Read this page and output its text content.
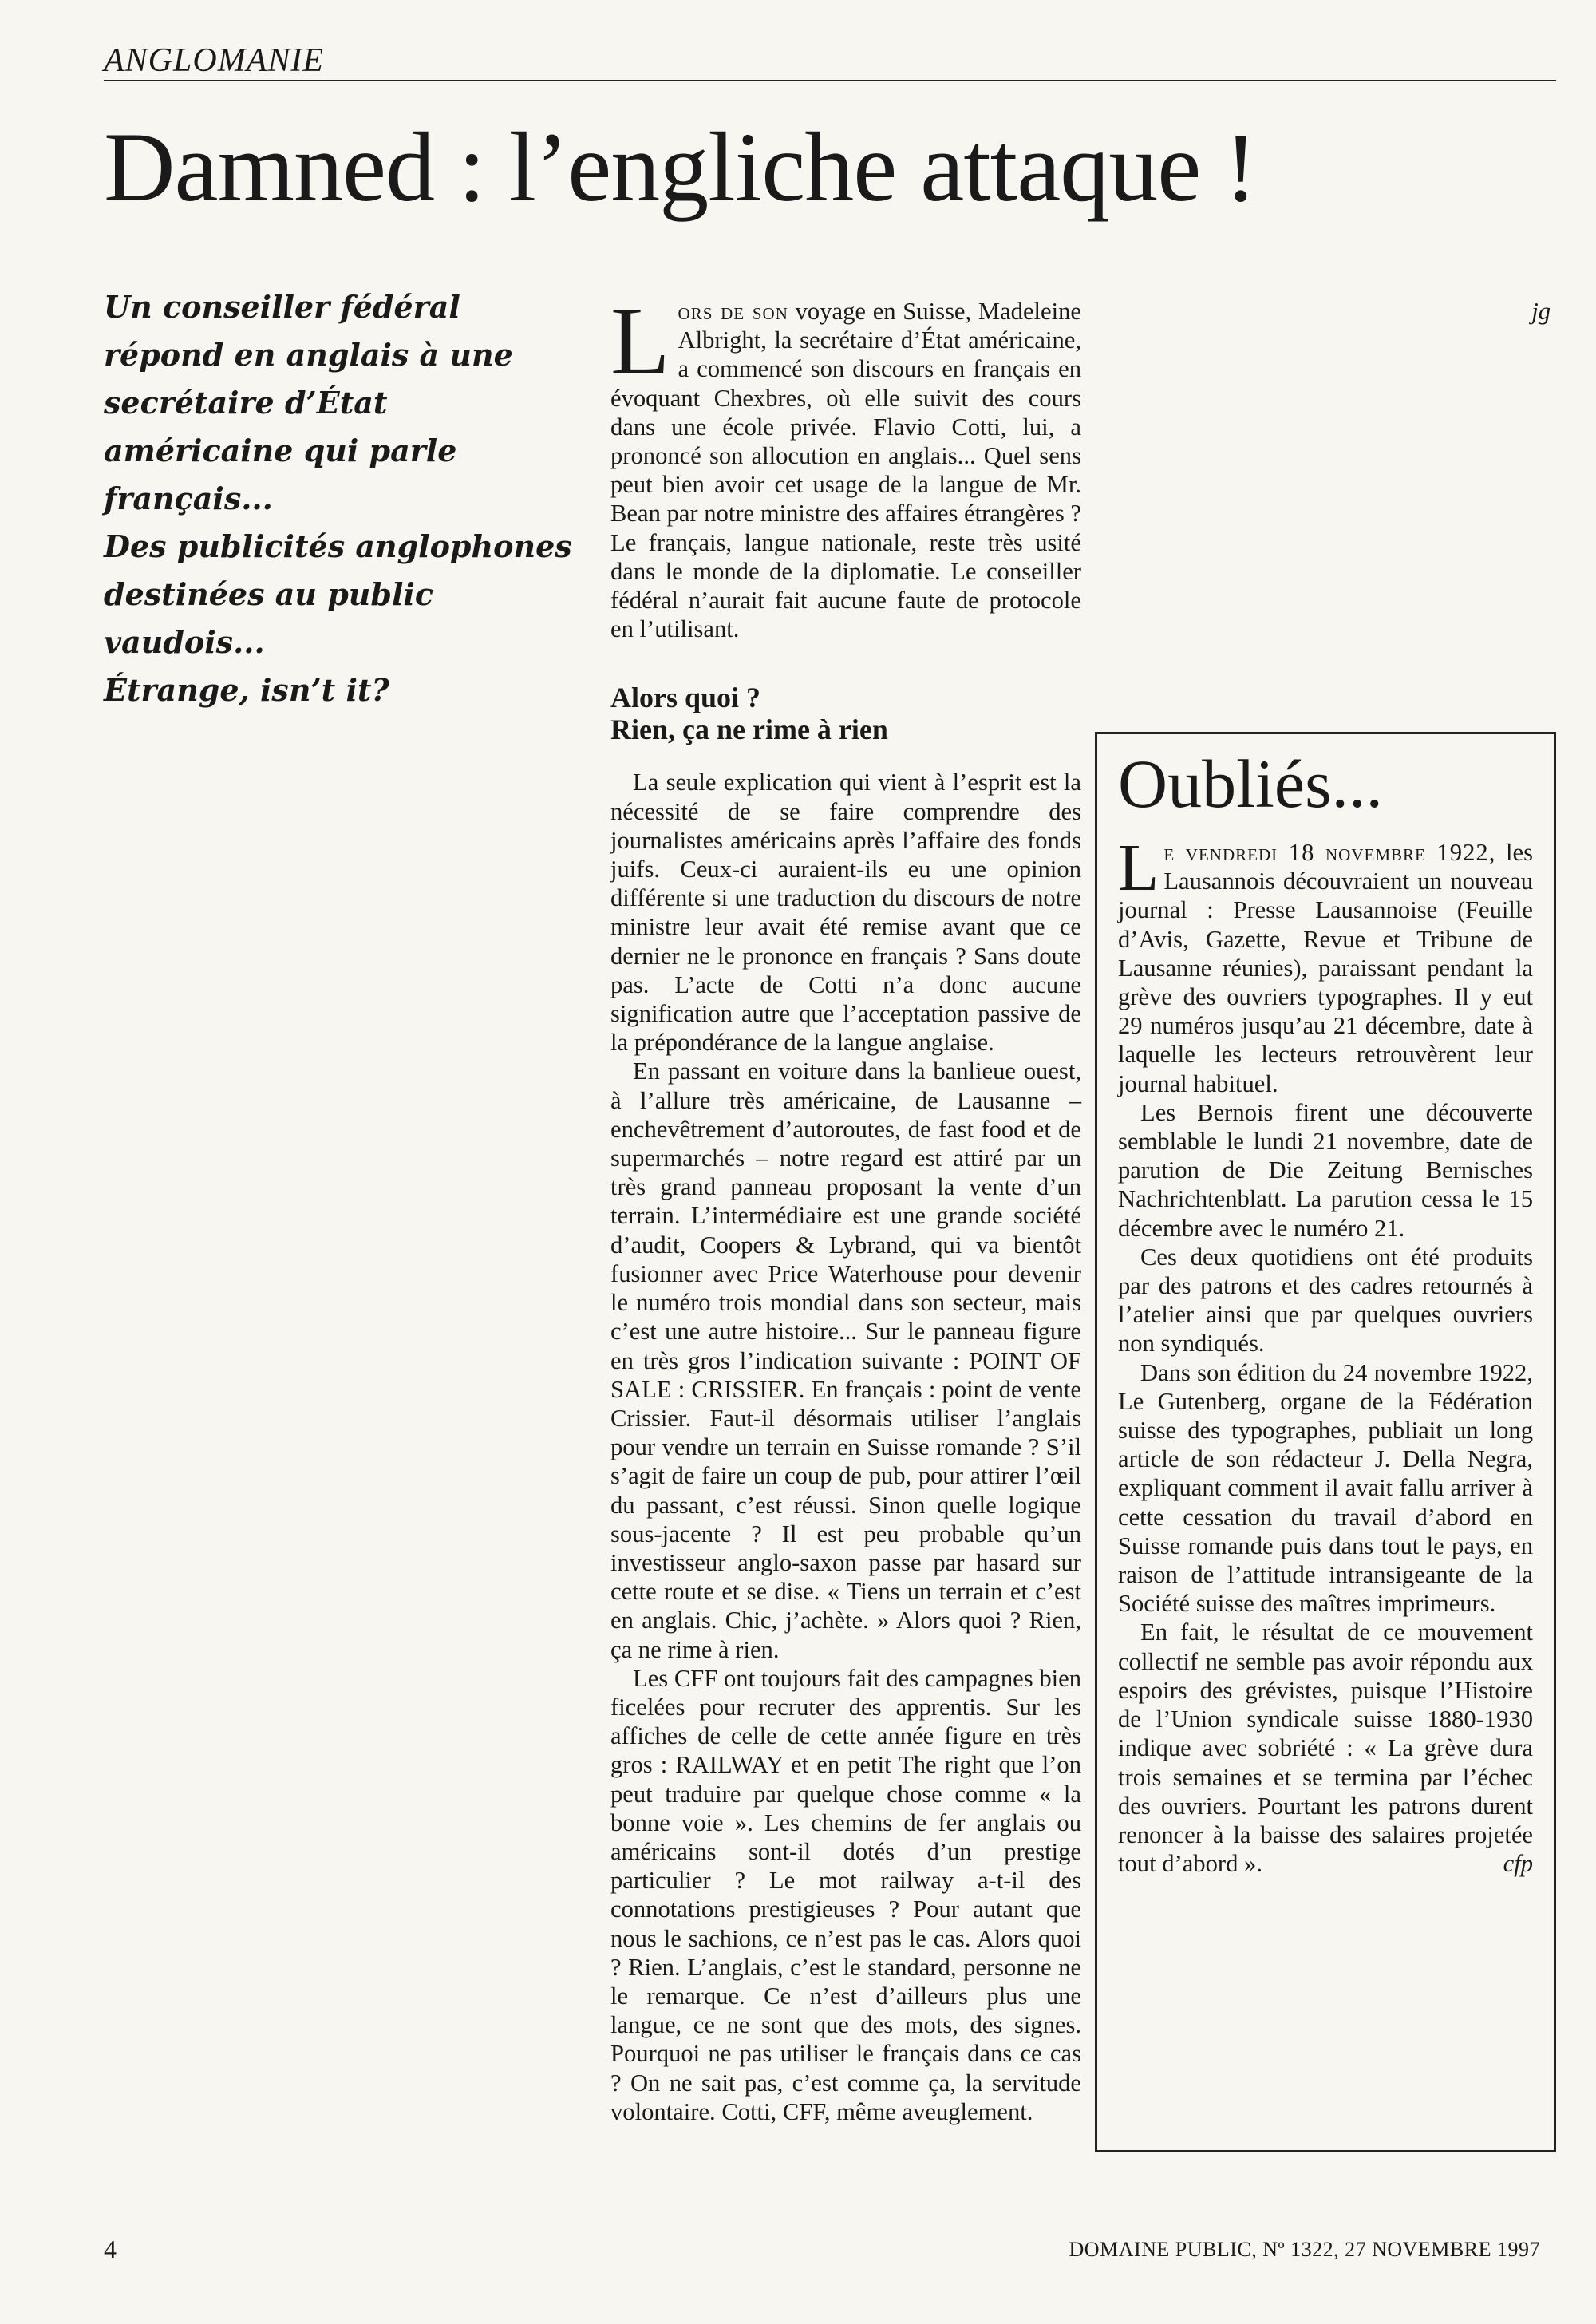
ANGLOMANIE
Damned : l’engliche attaque !

Un conseiller fédéral répond en anglais à une secrétaire d’État américaine qui parle français...

Des publicités anglophones destinées au public vaudois...

Étrange, isn’t it?

Lors de son voyage en Suisse, Madeleine Albright, la secrétaire d’État américaine, a commencé son discours en français en évoquant Chexbres, où elle suivit des cours dans une école privée. Flavio Cotti, lui, a prononcé son allocution en anglais... Quel sens peut bien avoir cet usage de la langue de Mr. Bean par notre ministre des affaires étrangères ? Le français, langue nationale, reste très usité dans le monde de la diplomatie. Le conseiller fédéral n’aurait fait aucune faute de protocole en l’utilisant.

Alors quoi ?
Rien, ça ne rime à rien

La seule explication qui vient à l’esprit est la nécessité de se faire comprendre des journalistes américains après l’affaire des fonds juifs. Ceux-ci auraient-ils eu une opinion différente si une traduction du discours de notre ministre leur avait été remise avant que ce dernier ne le prononce en français ? Sans doute pas. L’acte de Cotti n’a donc aucune signification autre que l’acceptation passive de la prépondérance de la langue anglaise.

En passant en voiture dans la banlieue ouest, à l’allure très américaine, de Lausanne – enchevêtrement d’autoroutes, de fast food et de supermarchés – notre regard est attiré par un très grand panneau proposant la vente d’un terrain. L’intermédiaire est une grande société d’audit, Coopers & Lybrand, qui va bientôt fusionner avec Price Waterhouse pour devenir le numéro trois mondial dans son secteur, mais c’est une autre histoire... Sur le panneau figure en très gros l’indication suivante : POINT OF SALE : CRISSIER. En français : point de vente Crissier. Faut-il désormais utiliser l’anglais pour vendre un terrain en Suisse romande ? S’il s’agit de faire un coup de pub, pour attirer l’œil du passant, c’est réussi. Sinon quelle logique sous-jacente ? Il est peu probable qu’un investisseur anglo-saxon passe par hasard sur cette route et se dise. « Tiens un terrain et c’est en anglais. Chic, j’achète. » Alors quoi ? Rien, ça ne rime à rien.

Les CFF ont toujours fait des campagnes bien ficelées pour recruter des apprentis. Sur les affiches de celle de cette année figure en très gros : RAILWAY et en petit The right que l’on peut traduire par quelque chose comme « la bonne voie ». Les chemins de fer anglais ou américains sont-il dotés d’un prestige particulier ? Le mot railway a-t-il des connotations prestigieuses ? Pour autant que nous le sachions, ce n’est pas le cas. Alors quoi ? Rien. L’anglais, c’est le standard, personne ne le remarque. Ce n’est d’ailleurs plus une langue, ce ne sont que des mots, des signes. Pourquoi ne pas utiliser le français dans ce cas ? On ne sait pas, c’est comme ça, la servitude volontaire. Cotti, CFF, même aveuglement.

jg

Oubliés...

Le vendredi 18 novembre 1922, les Lausannois découvraient un nouveau journal : Presse Lausannoise (Feuille d’Avis, Gazette, Revue et Tribune de Lausanne réunies), paraissant pendant la grève des ouvriers typographes. Il y eut 29 numéros jusqu’au 21 décembre, date à laquelle les lecteurs retrouvèrent leur journal habituel.

Les Bernois firent une découverte semblable le lundi 21 novembre, date de parution de Die Zeitung Bernisches Nachrichtenblatt. La parution cessa le 15 décembre avec le numéro 21.

Ces deux quotidiens ont été produits par des patrons et des cadres retournés à l’atelier ainsi que par quelques ouvriers non syndiqués.

Dans son édition du 24 novembre 1922, Le Gutenberg, organe de la Fédération suisse des typographes, publiait un long article de son rédacteur J. Della Negra, expliquant comment il avait fallu arriver à cette cessation du travail d’abord en Suisse romande puis dans tout le pays, en raison de l’attitude intransigeante de la Société suisse des maîtres imprimeurs.

En fait, le résultat de ce mouvement collectif ne semble pas avoir répondu aux espoirs des grévistes, puisque l’Histoire de l’Union syndicale suisse 1880-1930 indique avec sobriété : « La grève dura trois semaines et se termina par l’échec des ouvriers. Pourtant les patrons durent renoncer à la baisse des salaires projetée tout d’abord ».	cfp

4	DOMAINE PUBLIC, Nº 1322, 27 NOVEMBRE 1997
